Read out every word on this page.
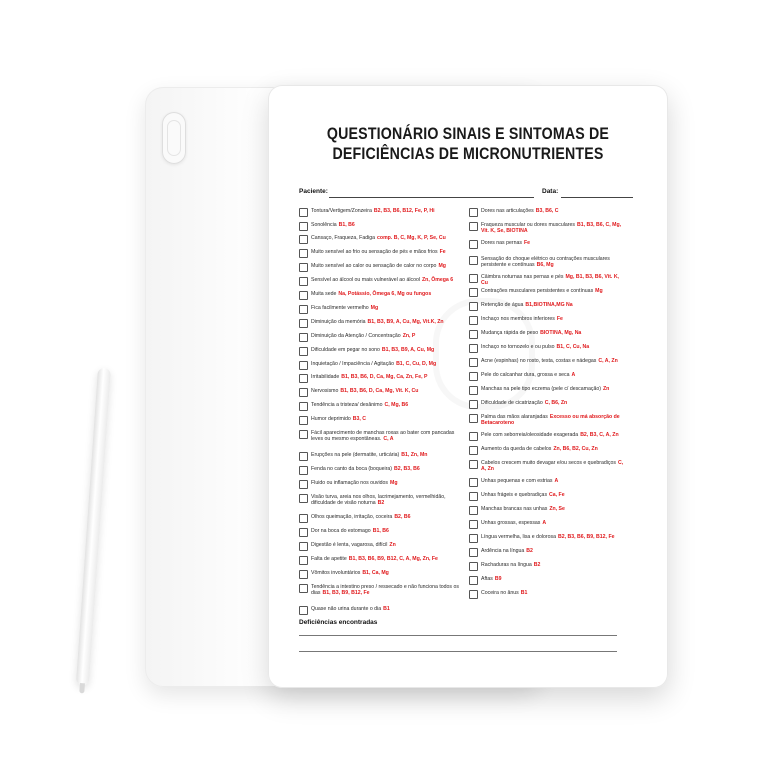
QUESTIONÁRIO SINAIS E SINTOMAS DE
DEFICIÊNCIAS DE MICRONUTRIENTES
Paciente:	Data:
Tontura/Vertigem/Zonzeira B2, B3, B6, B12, Fe, P, Hi
Sonolência B1, B6
Cansaço, Fraqueza, Fadiga comp. B, C, Mg, K, P, Se, Cu
Muito sensível ao frio ou sensação de pés e mãos frios Fe
Muito sensível ao calor ou sensação de calor no corpo Mg
Sensível ao álcool ou mais vulnerável ao álcool Zn, Ômega 6
Muita sede Na, Potássio, Ômega 6, Mg ou fungos
Fica facilmente vermelho Mg
Diminuição da memória B1, B3, B9, A, Cu, Mg, Vit.K, Zn
Diminuição da Atenção / Concentração Zn, P
Dificuldade em pegar no sono B1, B3, B9, A, Cu, Mg
Inquietação / Impaciência / Agitação B1, C, Cu, D, Mg
Irritabilidade B1, B3, B6, D, Ca, Mg, Ca, Zn, Fe, P
Nervosismo B1, B3, B6, D, Ca, Mg, Vit. K, Cu
Tendência a tristeza/ desânimo C, Mg, B6
Humor deprimido B3, C
Fácil aparecimento de manchas roxas ao bater com pancadas leves ou mesmo espontâneas. C, A
Erupções na pele (dermatite, urticária) B1, Zn, Mn
Fenda no canto da boca (boqueira) B2, B3, B6
Fluido ou inflamação nos ouvidos Mg
Visão turva, areia nos olhos, lacrimejamento, vermelhidão, dificuldade de visão noturna B2
Olhos queimação, irritação, coceira B2, B6
Dor na boca do estomago B1, B6
Digestão é lenta, vagarosa, difícil Zn
Falta de apetite B1, B3, B6, B9, B12, C, A, Mg, Zn, Fe
Vômitos involuntários B1, Ca, Mg
Tendência a intestino preso / ressecado e não funciona todos os dias B1, B3, B9, B12, Fe
Quase não urina durante o dia B1
Dores nas articulações B3, B6, C
Fraqueza muscular ou dores musculares B1, B3, B6, C, Mg, Vit. K, Se, BIOTINA
Dores nas pernas Fe
Sensação do choque elétrico ou contrações musculares persistente e contínuas B6, Mg
Câimbra noturnas nas pernas e pés Mg, B1, B3, B6, Vit. K, Cu
Contrações musculares persistentes e contínuas Mg
Retenção de água B1,BIOTINA,MG Na
Inchaço nos membros inferiores Fe
Mudança rápida de peso BIOTINA, Mg, Na
Inchaço no tornozelo e ou pulso B1, C, Cu, Na
Acne (espinhas) no rosto, testa, costas e nádegas C, A, Zn
Pele do calcanhar dura, grossa e seca A
Manchas na pele tipo eczema (pele c/ descamação) Zn
Dificuldade de cicatrização C, B6, Zn
Palma das mãos alaranjadas Excesso ou má absorção de Betacaroteno
Pele com seborreia/oleosidade exagerada B2, B3, C, A, Zn
Aumento da queda de cabelos Zn, B6, B2, Cu, Zn
Cabelos crescem muito devagar e/ou secos e quebradiços C, A, Zn
Unhas pequenas e com estrias A
Unhas frágeis e quebradiças Ca, Fe
Manchas brancas nas unhas Zn, Se
Unhas grossas, espessas A
Língua vermelha, lisa e dolorosa B2, B3, B6, B9, B12, Fe
Ardência na língua B2
Rachaduras na língua B2
Aftas B9
Coceira no ânus B1
Deficiências encontradas
